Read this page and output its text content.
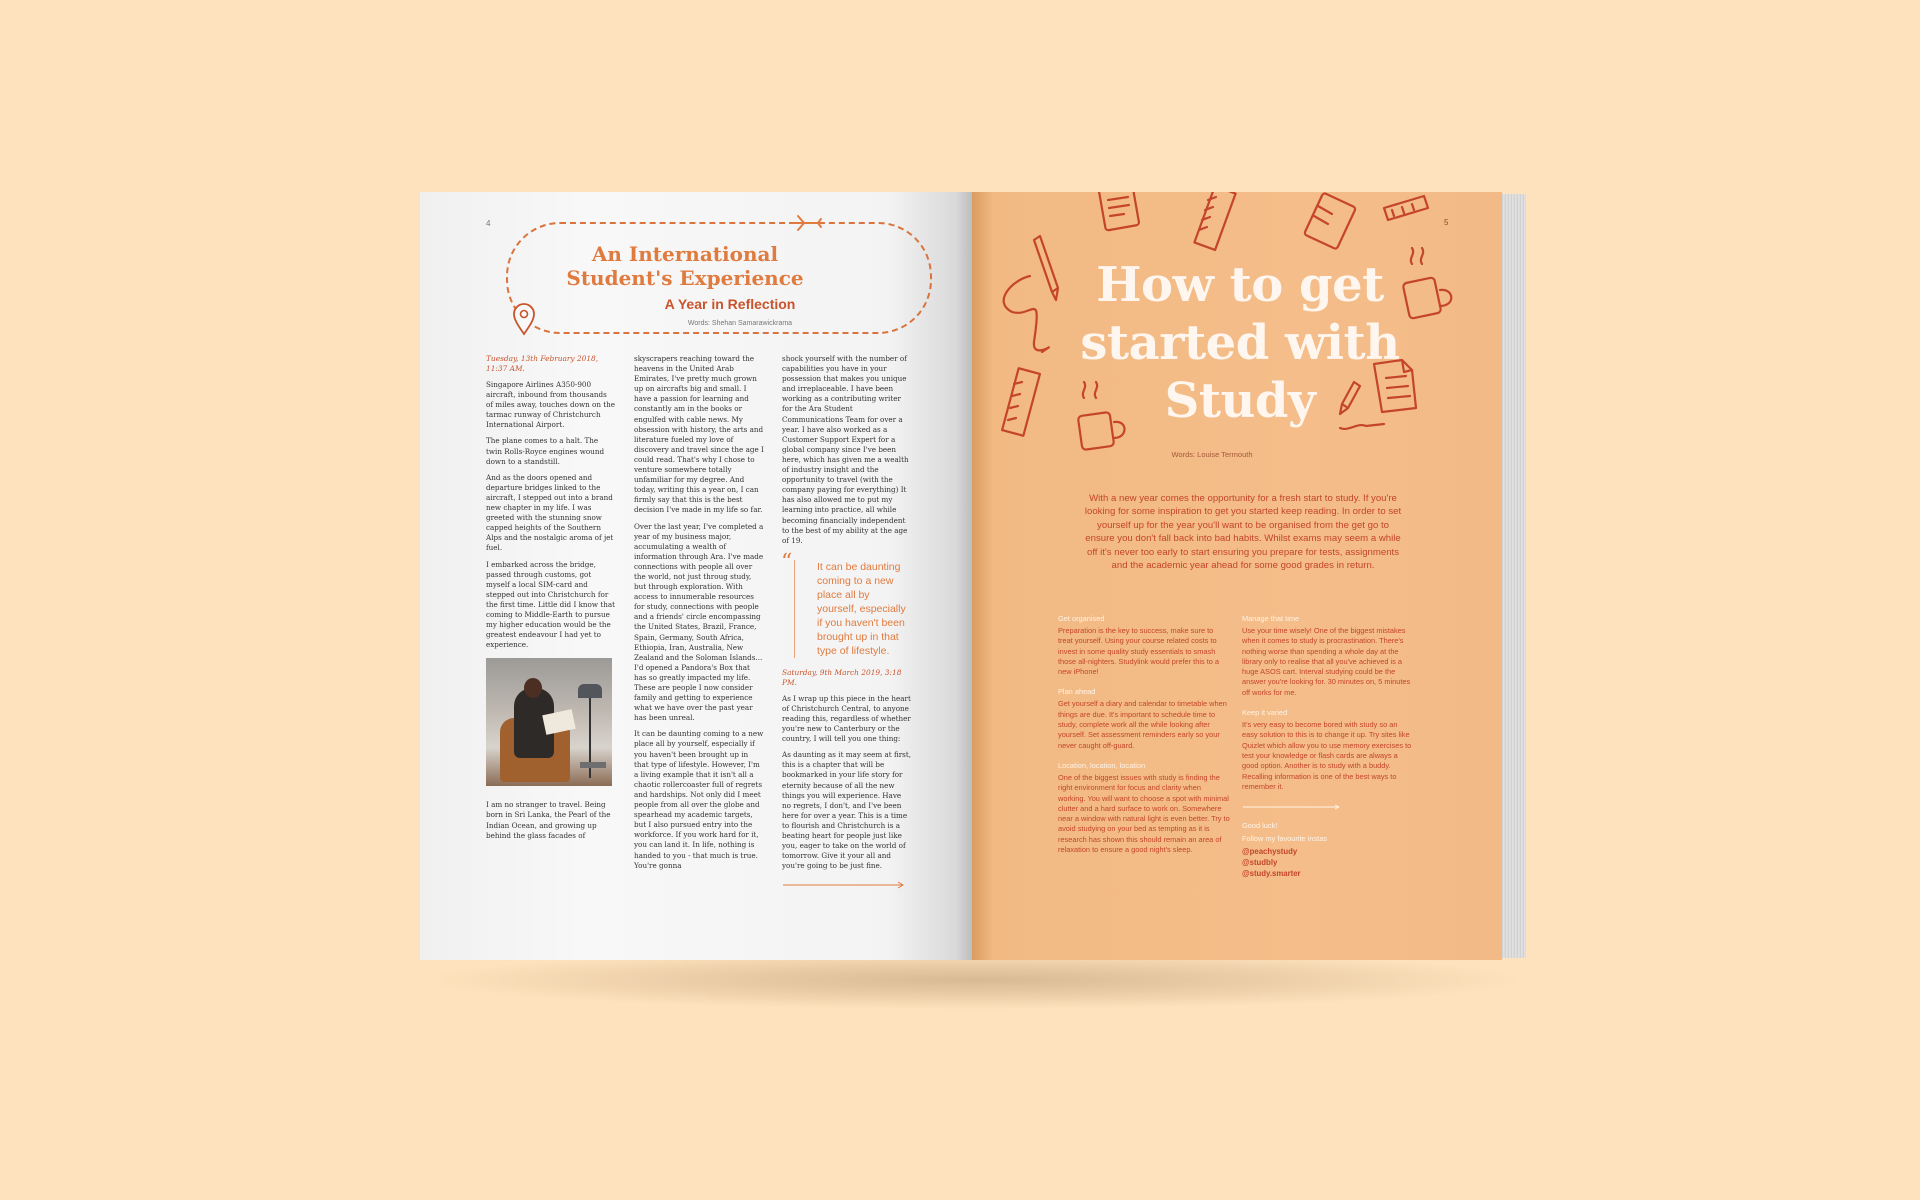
4
An International Student's Experience
A Year in Reflection
Words: Shehan Samarawickrama

Tuesday, 13th February 2018, 11:37 AM.

Singapore Airlines A350-900 aircraft, inbound from thousands of miles away, touches down on the tarmac runway of Christchurch International Airport.

The plane comes to a halt. The twin Rolls-Royce engines wound down to a standstill.

And as the doors opened and departure bridges linked to the aircraft, I stepped out into a brand new chapter in my life. I was greeted with the stunning snow capped heights of the Southern Alps and the nostalgic aroma of jet fuel.

I embarked across the bridge, passed through customs, got myself a local SIM-card and stepped out into Christchurch for the first time. Little did I know that coming to Middle-Earth to pursue my higher education would be the greatest endeavour I had yet to experience.

I am no stranger to travel. Being born in Sri Lanka, the Pearl of the Indian Ocean, and growing up behind the glass facades of

skyscrapers reaching toward the heavens in the United Arab Emirates, I've pretty much grown up on aircrafts big and small. I have a passion for learning and constantly am in the books or engulfed with cable news. My obsession with history, the arts and literature fueled my love of discovery and travel since the age I could read. That's why I chose to venture somewhere totally unfamiliar for my degree. And today, writing this a year on, I can firmly say that this is the best decision I've made in my life so far.

Over the last year, I've completed a year of my business major, accumulating a wealth of information through Ara. I've made connections with people all over the world, not just throug study, but through exploration. With access to innumerable resources for study, connections with people and a friends' circle encompassing the United States, Brazil, France, Spain, Germany, South Africa, Ethiopia, Iran, Australia, New Zealand and the Soloman Islands... I'd opened a Pandora's Box that has so greatly impacted my life. These are people I now consider family and getting to experience what we have over the past year has been unreal.

It can be daunting coming to a new place all by yourself, especially if you haven't been brought up in that type of lifestyle. However, I'm a living example that it isn't all a chaotic rollercoaster full of regrets and hardships. Not only did I meet people from all over the globe and spearhead my academic targets, but I also pursued entry into the workforce. If you work hard for it, you can land it. In life, nothing is handed to you - that much is true. You're gonna

shock yourself with the number of capabilities you have in your possession that makes you unique and irreplaceable. I have been working as a contributing writer for the Ara Student Communications Team for over a year. I have also worked as a Customer Support Expert for a global company since I've been here, which has given me a wealth of industry insight and the opportunity to travel (with the company paying for everything) It has also allowed me to put my learning into practice, all while becoming financially independent to the best of my ability at the age of 19.

“ It can be daunting coming to a new place all by yourself, especially if you haven't been brought up in that type of lifestyle.

Saturday, 9th March 2019, 3:18 PM.

As I wrap up this piece in the heart of Christchurch Central, to anyone reading this, regardless of whether you're new to Canterbury or the country, I will tell you one thing:

As daunting as it may seem at first, this is a chapter that will be bookmarked in your life story for eternity because of all the new things you will experience. Have no regrets, I don't, and I've been here for over a year. This is a time to flourish and Christchurch is a beating heart for people just like you, eager to take on the world of tomorrow. Give it your all and you're going to be just fine.

5
How to get started with Study
Words: Louise Termouth

With a new year comes the opportunity for a fresh start to study. If you're looking for some inspiration to get you started keep reading. In order to set yourself up for the year you'll want to be organised from the get go to ensure you don't fall back into bad habits. Whilst exams may seem a while off it's never too early to start ensuring you prepare for tests, assignments and the academic year ahead for some good grades in return.

Get organised
Preparation is the key to success, make sure to treat yourself. Using your course related costs to invest in some quality study essentials to smash those all-nighters. Studylink would prefer this to a new iPhone!
Plan ahead
Get yourself a diary and calendar to timetable when things are due. It's important to schedule time to study, complete work all the while looking after yourself. Set assessment reminders early so your never caught off-guard.
Location, location, location
One of the biggest issues with study is finding the right environment for focus and clarity when working. You will want to choose a spot with minimal clutter and a hard surface to work on. Somewhere near a window with natural light is even better. Try to avoid studying on your bed as tempting as it is research has shown this should remain an area of relaxation to ensure a good night's sleep.
Manage that time
Use your time wisely! One of the biggest mistakes when it comes to study is procrastination. There's nothing worse than spending a whole day at the library only to realise that all you've achieved is a huge ASOS cart. Interval studying could be the answer you're looking for. 30 minutes on, 5 minutes off works for me.
Keep it varied
It's very easy to become bored with study so an easy solution to this is to change it up. Try sites like Quizlet which allow you to use memory exercises to test your knowledge or flash cards are always a good option. Another is to study with a buddy. Recalling information is one of the best ways to remember it.
Good luck!
Follow my favourite instas
@peachystudy
@studbly
@study.smarter
